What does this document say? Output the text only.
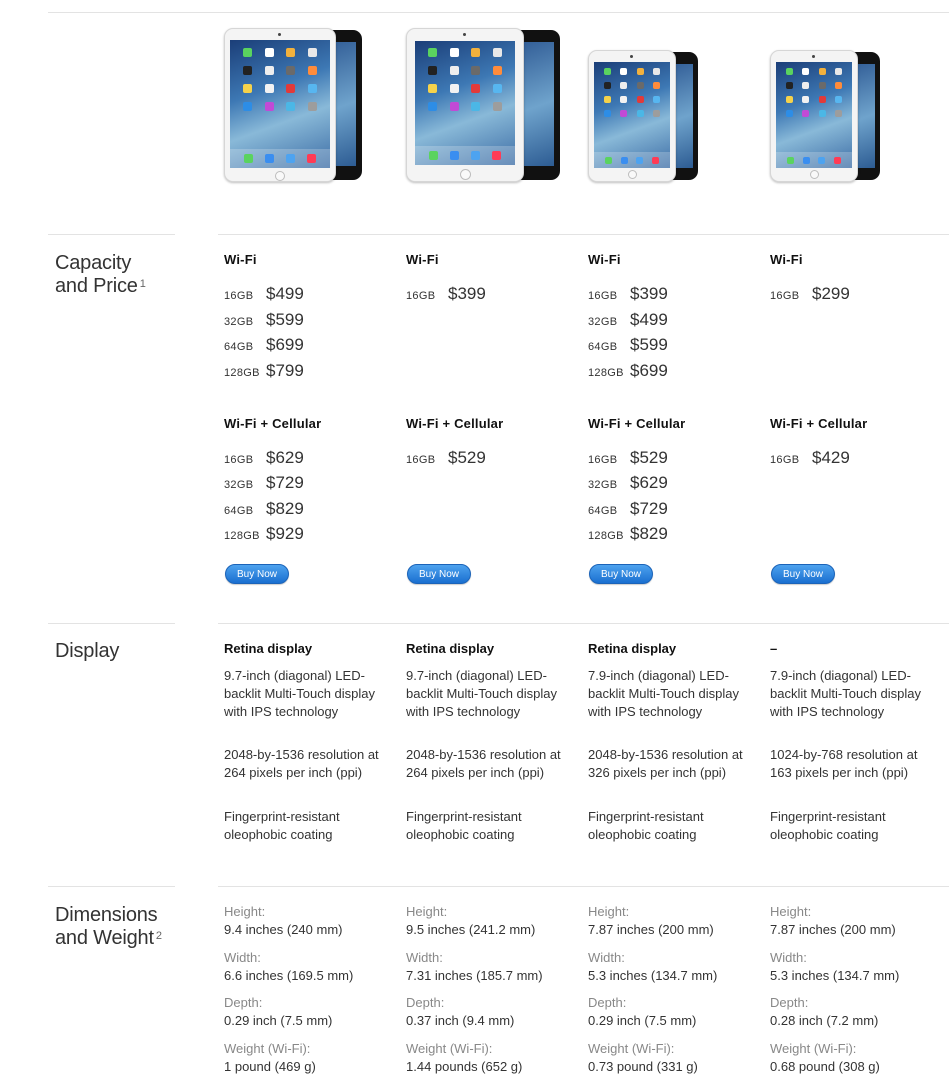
Capacity
and Price $^1$
Wi-Fi
16GB $499
32GB $599
64GB $699
128GB $799
Wi-Fi + Cellular
16GB $629
32GB $729
64GB $829
128GB $929
Buy Now
Wi-Fi
16GB $399
Wi-Fi + Cellular
16GB $529
Buy Now
Wi-Fi
16GB $399
32GB $499
64GB $599
128GB $699
Wi-Fi + Cellular
16GB $529
32GB $629
64GB $729
128GB $829
Buy Now
Wi-Fi
16GB $299
Wi-Fi + Cellular
16GB $429
Buy Now
Display	Retina display
9.7-inch (diagonal) LED-backlit Multi-Touch display with IPS technology
2048-by-1536 resolution at 264 pixels per inch (ppi)
Fingerprint-resistant oleophobic coating
Retina display
9.7-inch (diagonal) LED-backlit Multi-Touch display with IPS technology
2048-by-1536 resolution at 264 pixels per inch (ppi)
Fingerprint-resistant oleophobic coating
Retina display
7.9-inch (diagonal) LED-backlit Multi-Touch display with IPS technology
2048-by-1536 resolution at 326 pixels per inch (ppi)
Fingerprint-resistant oleophobic coating
–
7.9-inch (diagonal) LED-backlit Multi-Touch display with IPS technology
1024-by-768 resolution at 163 pixels per inch (ppi)
Fingerprint-resistant oleophobic coating
Dimensions
and Weight $^2$
Height:
9.4 inches (240 mm)
Width:
6.6 inches (169.5 mm)
Depth:
0.29 inch (7.5 mm)
Weight (Wi-Fi):
1 pound (469 g)
Height:
9.5 inches (241.2 mm)
Width:
7.31 inches (185.7 mm)
Depth:
0.37 inch (9.4 mm)
Weight (Wi-Fi):
1.44 pounds (652 g)
Height:
7.87 inches (200 mm)
Width:
5.3 inches (134.7 mm)
Depth:
0.29 inch (7.5 mm)
Weight (Wi-Fi):
0.73 pound (331 g)
Height:
7.87 inches (200 mm)
Width:
5.3 inches (134.7 mm)
Depth:
0.28 inch (7.2 mm)
Weight (Wi-Fi):
0.68 pound (308 g)
